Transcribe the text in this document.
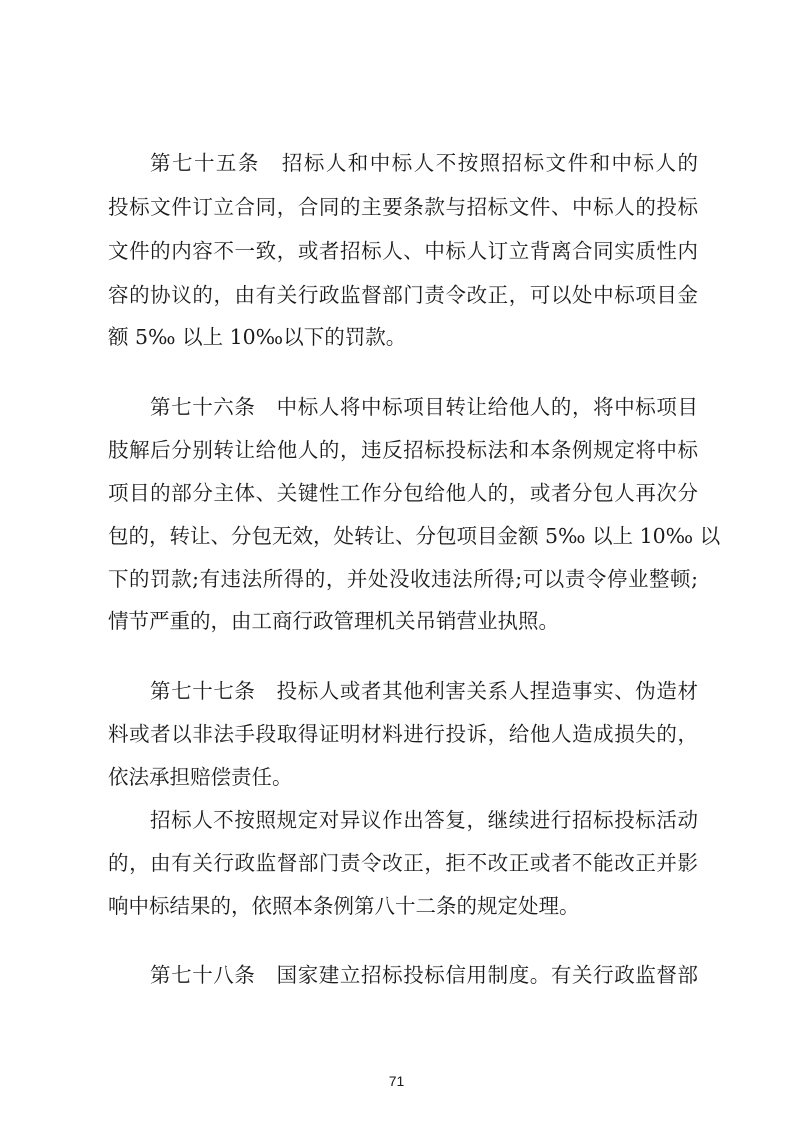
第七十五条　招标人和中标人不按照招标文件和中标人的
投标文件订立合同，合同的主要条款与招标文件、中标人的投标
文件的内容不一致，或者招标人、中标人订立背离合同实质性内
容的协议的，由有关行政监督部门责令改正，可以处中标项目金
额 5‰ 以上 10‰以下的罚款。
第七十六条　中标人将中标项目转让给他人的，将中标项目
肢解后分别转让给他人的，违反招标投标法和本条例规定将中标
项目的部分主体、关键性工作分包给他人的，或者分包人再次分
包的，转让、分包无效，处转让、分包项目金额 5‰ 以上 10‰ 以
下的罚款;有违法所得的，并处没收违法所得;可以责令停业整顿;
情节严重的，由工商行政管理机关吊销营业执照。
第七十七条　投标人或者其他利害关系人捏造事实、伪造材
料或者以非法手段取得证明材料进行投诉，给他人造成损失的，
依法承担赔偿责任。
招标人不按照规定对异议作出答复，继续进行招标投标活动
的，由有关行政监督部门责令改正，拒不改正或者不能改正并影
响中标结果的，依照本条例第八十二条的规定处理。
第七十八条　国家建立招标投标信用制度。有关行政监督部
71
